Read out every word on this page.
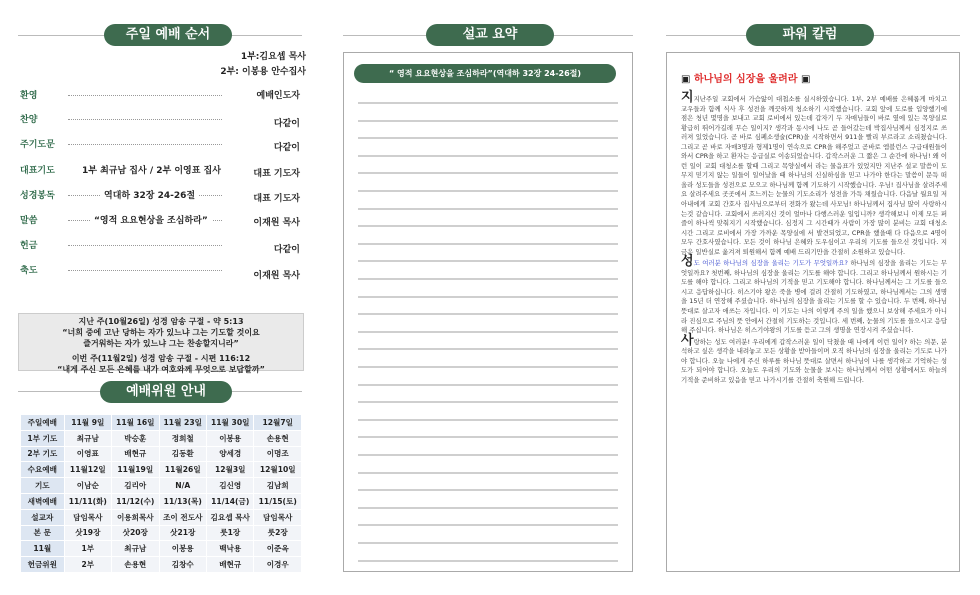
주일 예배 순서
1부:김요셉 목사
2부: 이봉용 안수집사
환영	예배인도자
찬양	다같이
주기도문	다같이
대표기도	1부 최규남 집사 / 2부 이영표 집사	대표 기도자
성경봉독	역대하 32장 24-26절	대표 기도자
말씀	“영적 요요현상을 조심하라”	이재원 목사
헌금	다같이
축도	이재원 목사
지난 주(10월26일) 성경 암송 구절 - 약 5:13
“너희 중에 고난 당하는 자가 있느냐 그는 기도할 것이요
즐거워하는 자가 있느냐 그는 찬송할지니라”
이번 주(11월2일) 성경 암송 구절 - 시편 116:12
“내게 주신 모든 은혜를 내가 여호와께 무엇으로 보답할까”
예배위원 안내
주일예배	11월 9일	11월 16일	11월 23일	11월 30일	12월7일
1부 기도	최규남	박승훈	정희철	이봉용	손용현
2부 기도	이영표	배현규	김동환	양세경	이명조
수요예배	11월12일	11월19일	11월26일	12월3일	12월10일
기도	이남순	김리아	N/A	김신영	김남희
새벽예배	11/11(화)	11/12(수)	11/13(목)	11/14(금)	11/15(토)
설교자	담임목사	이용희목사	조이 전도사	김요셉 목사	담임목사
본 문	삿19장	삿20장	삿21장	룻1장	룻2장
11월	1부	최규남	이봉용	백낙용	이준옥
헌금위원	2부	손용현	김창수	배현규	이경우
설교 요약
“ 영적 요요현상을 조심하라”(역대하 32장 24-26절)
파워 칼럼
▣ 하나님의 심장을 울려라 ▣

지지난주일 교회에서 가슴앓이 대첩소를 실시하였습니다. 1부, 2부 예배를 은혜롭게 마치고 교우들과 함께 식사 후 성전을 깨끗하게 청소하기 시작했습니다. 교회 앞에 도로를 입양했기에 점은 청년 몇명을 보내고 교회 로비에서 있는데 갑자기 두 자매님들이 바로 옆에 있는 목양실로 황급히 뛰어가길래 무슨 일이지? 생각과 동시에 나도 곧 들어갔는데 박집사님께서 심정지로 쓰러져 있었습니다. 곧 바로 심폐소생술(CPR)을 시작하면서 911을 빨리 부르라고 소리쳤습니다. 그리고 곧 바로 자매3명과 형제1명이 연속으로 CPR을 해주었고 곧바로 엠블런스 구급대원들이 와서 CPR을 하고 환자는 응급실로 이송되었습니다. 갑작스러운 그 짧은 그 순간에 하나님! 왜 이런 일이 교회 대청소를 할때 그리고 목양실에서 라는 물음표가 있었지만 지난주 설교 말씀이 도무지 믿기지 않는 일들이 일어났을 때 하나님의 신실하심을 믿고 나가야 한다는 말씀이 문득 떠올라 성도들을 성전으로 모으고 하나님께 함께 기도하기 시작했습니다. 우님! 집사님을 살려주세요 살려주세요 곳곳에서 흐느끼는 눈물의 기도소리가 성전을 가득 채웠습니다. 다음날 월요일 저 아내에게 교회 간호사 집사님으로부터 전화가 왔는데 사모님! 하나님께서 집사님 많이 사랑하시는것 같습니다. 교회에서 쓰러지신 것이 얼마나 다행스러운 일입니까? 생각해보니 이제 모든 퍼즐이 하나씩 맞춰지기 시작했습니다. 심정지 그 시간때가 사람이 가장 많이 분비는 교회 대청소시간 그리고 로비에서 가장 가까운 목양실에 서 발견되었고, CPR을 했을때 다 다음으로 4명이 모두 간호사였습니다. 모든 것이 하나님 은혜와 도우심이고 우리의 기도를 들으신 것입니다. 지금은 일반실로 옮겨져 퇴원해서 함께 예배 드리기만을 간절히 소원하고 있습니다.

성도 여러분 하나님의 심장을 울리는 기도가 무엇일까요? 하나님의 심장을 울리는 기도는 무엇일까요? 첫번째, 하나님의 심장을 울리는 기도를 해야 합니다. 그리고 하나님께서 원하시는 기도를 해야 합니다. 그리고 하나님의 기적을 믿고 기도해야 합니다. 하나님께서는 그 기도를 들으시고 응답하십니다. 히스기야 왕은 죽을 병에 걸려 간절히 기도하였고, 하나님께서는 그의 생명을 15년 더 연장해 주셨습니다. 하나님의 심장을 울리는 기도를 할 수 있습니다. 두 번째, 하나님 뜻대로 살고자 애쓰는 자입니다. 이 기도는 나의 이렇게 주의 일을 했으니 보상해 주세요가 아니라 진심으로 주님의 뜻 안에서 간절히 기도하는 것입니다. 세 번째, 눈물의 기도를 들으시고 응답해 주십니다. 하나님은 히스기야왕의 기도를 듣고 그의 생명을 연장시켜 주셨습니다.

사랑하는 성도 여러분! 우리에게 갑작스러운 일이 닥쳤을 때 나에게 이런 일이? 하는 의문, 분석하고 싶은 생각을 내려놓고 모든 상황을 받아들이며 오직 하나님의 심장을 울리는 기도로 나가야 합니다. 오늘 나에게 주신 하루를 하나님 뜻대로 살면서 하나님이 나를 생각하고 기억하는 성도가 되어야 합니다. 오늘도 우리의 기도와 눈물을 보시는 하나님께서 어떤 상황에서도 하늘의 기적을 준비하고 있음을 믿고 나가시기를 간절히 축원해 드립니다.
